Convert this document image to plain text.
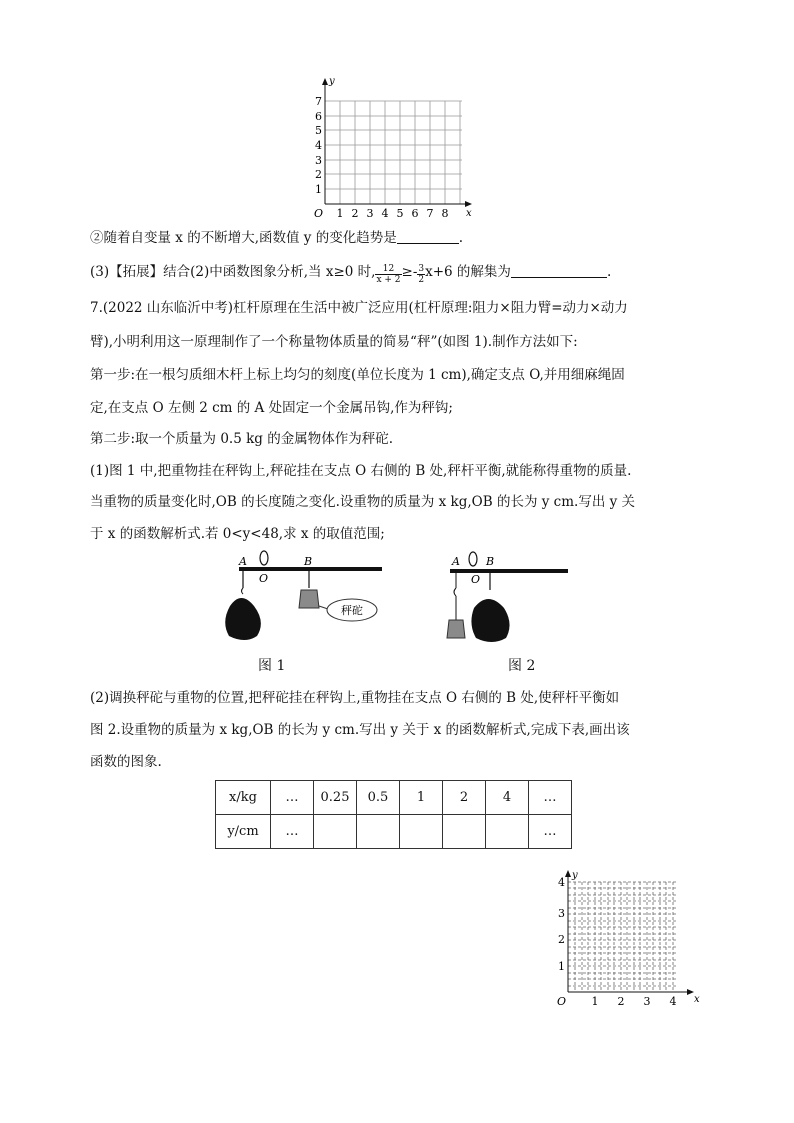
y
x
O
1
2
3
4
5
6
7
1 2 3 4 5 6 7 8
②随着自变量 x 的不断增大,函数值 y 的变化趋势是	.
(3)【拓展】结合(2)中函数图象分析,当 x≥0 时, $\frac{12}{x + 2} \ge- \frac{3}{2} x+6$ 的解集为	.
7.(2022 山东临沂中考)杠杆原理在生活中被广泛应用(杠杆原理:阻力×阻力臂=动力×动力
臂),小明利用这一原理制作了一个称量物体质量的简易“秤”(如图 1).制作方法如下:
第一步:在一根匀质细木杆上标上均匀的刻度(单位长度为 1 cm),确定支点 O,并用细麻绳固
定,在支点 O 左侧 2 cm 的 A 处固定一个金属吊钩,作为秤钩;
第二步:取一个质量为 0.5 kg 的金属物体作为秤砣.
(1)图 1 中,把重物挂在秤钩上,秤砣挂在支点 O 右侧的 B 处,秤杆平衡,就能称得重物的质量.
当重物的质量变化时,OB 的长度随之变化.设重物的质量为 x kg,OB 的长为 y cm.写出 y 关
于 x 的函数解析式.若 0<y<48,求 x 的取值范围;
A
O
B
秤砣
图 1
A
O
B
图 2
(2)调换秤砣与重物的位置,把秤砣挂在秤钩上,重物挂在支点 O 右侧的 B 处,使秤杆平衡如
图 2.设重物的质量为 x kg,OB 的长为 y cm.写出 y 关于 x 的函数解析式,完成下表,画出该
函数的图象.
x/kg	…	0.25	0.5	1	2	4	…
y/cm	…						…
y
x
O
1
2
3
4
1 2 3 4
